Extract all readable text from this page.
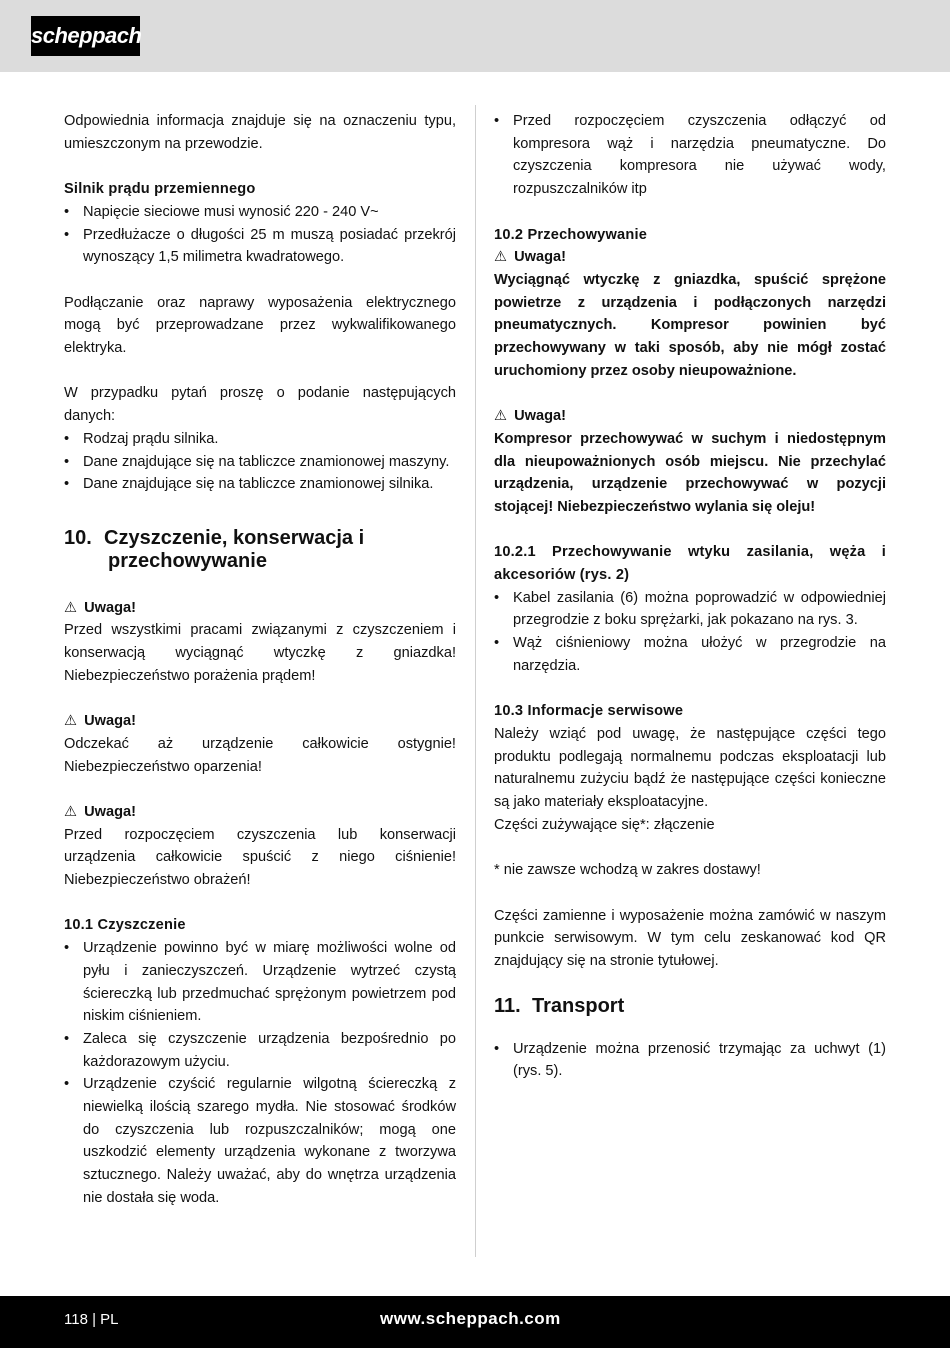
scheppach

Odpowiednia informacja znajduje się na oznaczeniu typu, umieszczonym na przewodzie.

Silnik prądu przemiennego
• Napięcie sieciowe musi wynosić 220 - 240 V~
• Przedłużacze o długości 25 m muszą posiadać przekrój wynoszący 1,5 milimetra kwadratowego.

Podłączanie oraz naprawy wyposażenia elektrycznego mogą być przeprowadzane przez wykwalifikowanego elektryka.

W przypadku pytań proszę o podanie następujących danych:

• Rodzaj prądu silnika.
• Dane znajdujące się na tabliczce znamionowej maszyny.
• Dane znajdujące się na tabliczce znamionowej silnika.
10. Czyszczenie, konserwacja i
przechowywanie
⚠ Uwaga!

Przed wszystkimi pracami związanymi z czyszczeniem i konserwacją wyciągnąć wtyczkę z gniazdka! Niebezpieczeństwo porażenia prądem!

⚠ Uwaga!

Odczekać aż urządzenie całkowicie ostygnie! Niebezpieczeństwo oparzenia!

⚠ Uwaga!

Przed rozpoczęciem czyszczenia lub konserwacji urządzenia całkowicie spuścić z niego ciśnienie! Niebezpieczeństwo obrażeń!

10.1 Czyszczenie
• Urządzenie powinno być w miarę możliwości wolne od pyłu i zanieczyszczeń. Urządzenie wytrzeć czystą ściereczką lub przedmuchać sprężonym powietrzem pod niskim ciśnieniem.
• Zaleca się czyszczenie urządzenia bezpośrednio po każdorazowym użyciu.
• Urządzenie czyścić regularnie wilgotną ściereczką z niewielką ilością szarego mydła. Nie stosować środków do czyszczenia lub rozpuszczalników; mogą one uszkodzić elementy urządzenia wykonane z tworzywa sztucznego. Należy uważać, aby do wnętrza urządzenia nie dostała się woda.
• Przed rozpoczęciem czyszczenia odłączyć od kompresora wąż i narzędzia pneumatyczne. Do czyszczenia kompresora nie używać wody, rozpuszczalników itp
10.2 Przechowywanie
⚠ Uwaga!

Wyciągnąć wtyczkę z gniazdka, spuścić sprężone powietrze z urządzenia i podłączonych narzędzi pneumatycznych. Kompresor powinien być przechowywany w taki sposób, aby nie mógł zostać uruchomiony przez osoby nieupoważnione.

⚠ Uwaga!

Kompresor przechowywać w suchym i niedostępnym dla nieupoważnionych osób miejscu. Nie przechylać urządzenia, urządzenie przechowywać w pozycji stojącej! Niebezpieczeństwo wylania się oleju!

10.2.1 Przechowywanie wtyku zasilania, węża i akcesoriów (rys. 2)

• Kabel zasilania (6) można poprowadzić w odpowiedniej przegrodzie z boku sprężarki, jak pokazano na rys. 3.
• Wąż ciśnieniowy można ułożyć w przegrodzie na narzędzia.
10.3 Informacje serwisowe

Należy wziąć pod uwagę, że następujące części tego produktu podlegają normalnemu podczas eksploatacji lub naturalnemu zużyciu bądź że następujące części konieczne są jako materiały eksploatacyjne.

Części zużywające się*: złączenie

* nie zawsze wchodzą w zakres dostawy!

Części zamienne i wyposażenie można zamówić w naszym punkcie serwisowym. W tym celu zeskanować kod QR znajdujący się na stronie tytułowej.

11. Transport
• Urządzenie można przenosić trzymając za uchwyt (1) (rys. 5).
118 | PL	www.scheppach.com
